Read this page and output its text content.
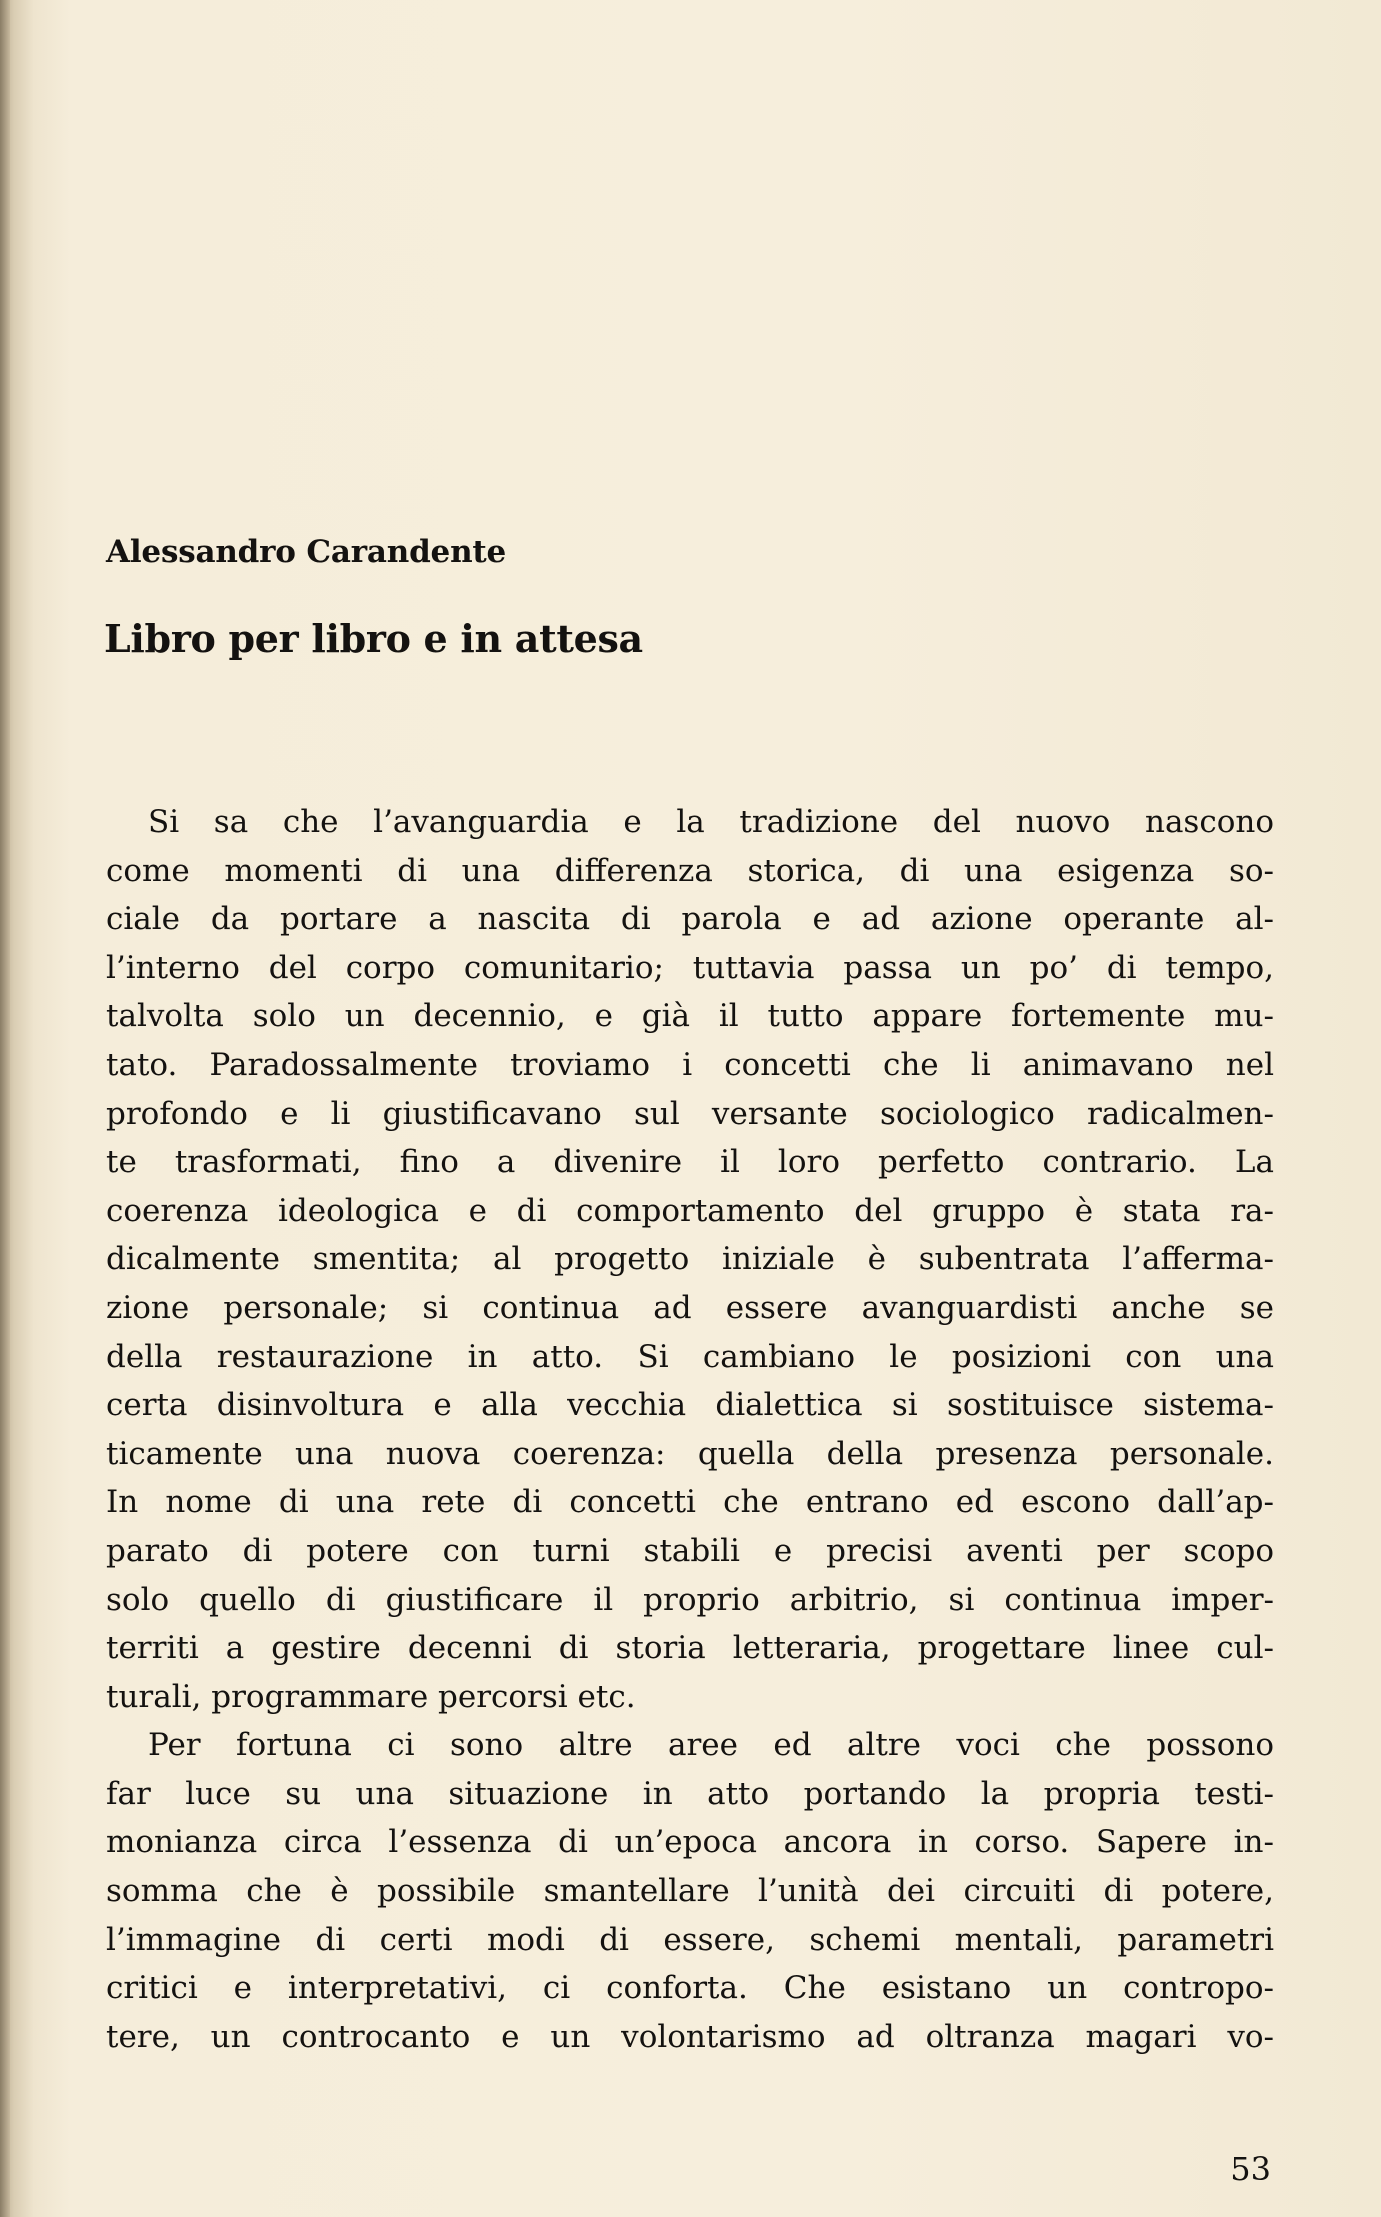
Alessandro Carandente
Libro per libro e in attesa
Si sa che l’avanguardia e la tradizione del nuovo nascono
come momenti di una differenza storica, di una esigenza so-
ciale da portare a nascita di parola e ad azione operante al-
l’interno del corpo comunitario; tuttavia passa un po’ di tempo,
talvolta solo un decennio, e già il tutto appare fortemente mu-
tato. Paradossalmente troviamo i concetti che li animavano nel
profondo e li giustificavano sul versante sociologico radicalmen-
te trasformati, fino a divenire il loro perfetto contrario. La
coerenza ideologica e di comportamento del gruppo è stata ra-
dicalmente smentita; al progetto iniziale è subentrata l’afferma-
zione personale; si continua ad essere avanguardisti anche se
della restaurazione in atto. Si cambiano le posizioni con una
certa disinvoltura e alla vecchia dialettica si sostituisce sistema-
ticamente una nuova coerenza: quella della presenza personale.
In nome di una rete di concetti che entrano ed escono dall’ap-
parato di potere con turni stabili e precisi aventi per scopo
solo quello di giustificare il proprio arbitrio, si continua imper-
territi a gestire decenni di storia letteraria, progettare linee cul-
turali, programmare percorsi etc.
Per fortuna ci sono altre aree ed altre voci che possono
far luce su una situazione in atto portando la propria testi-
monianza circa l’essenza di un’epoca ancora in corso. Sapere in-
somma che è possibile smantellare l’unità dei circuiti di potere,
l’immagine di certi modi di essere, schemi mentali, parametri
critici e interpretativi, ci conforta. Che esistano un contropo-
tere, un controcanto e un volontarismo ad oltranza magari vo-

53
